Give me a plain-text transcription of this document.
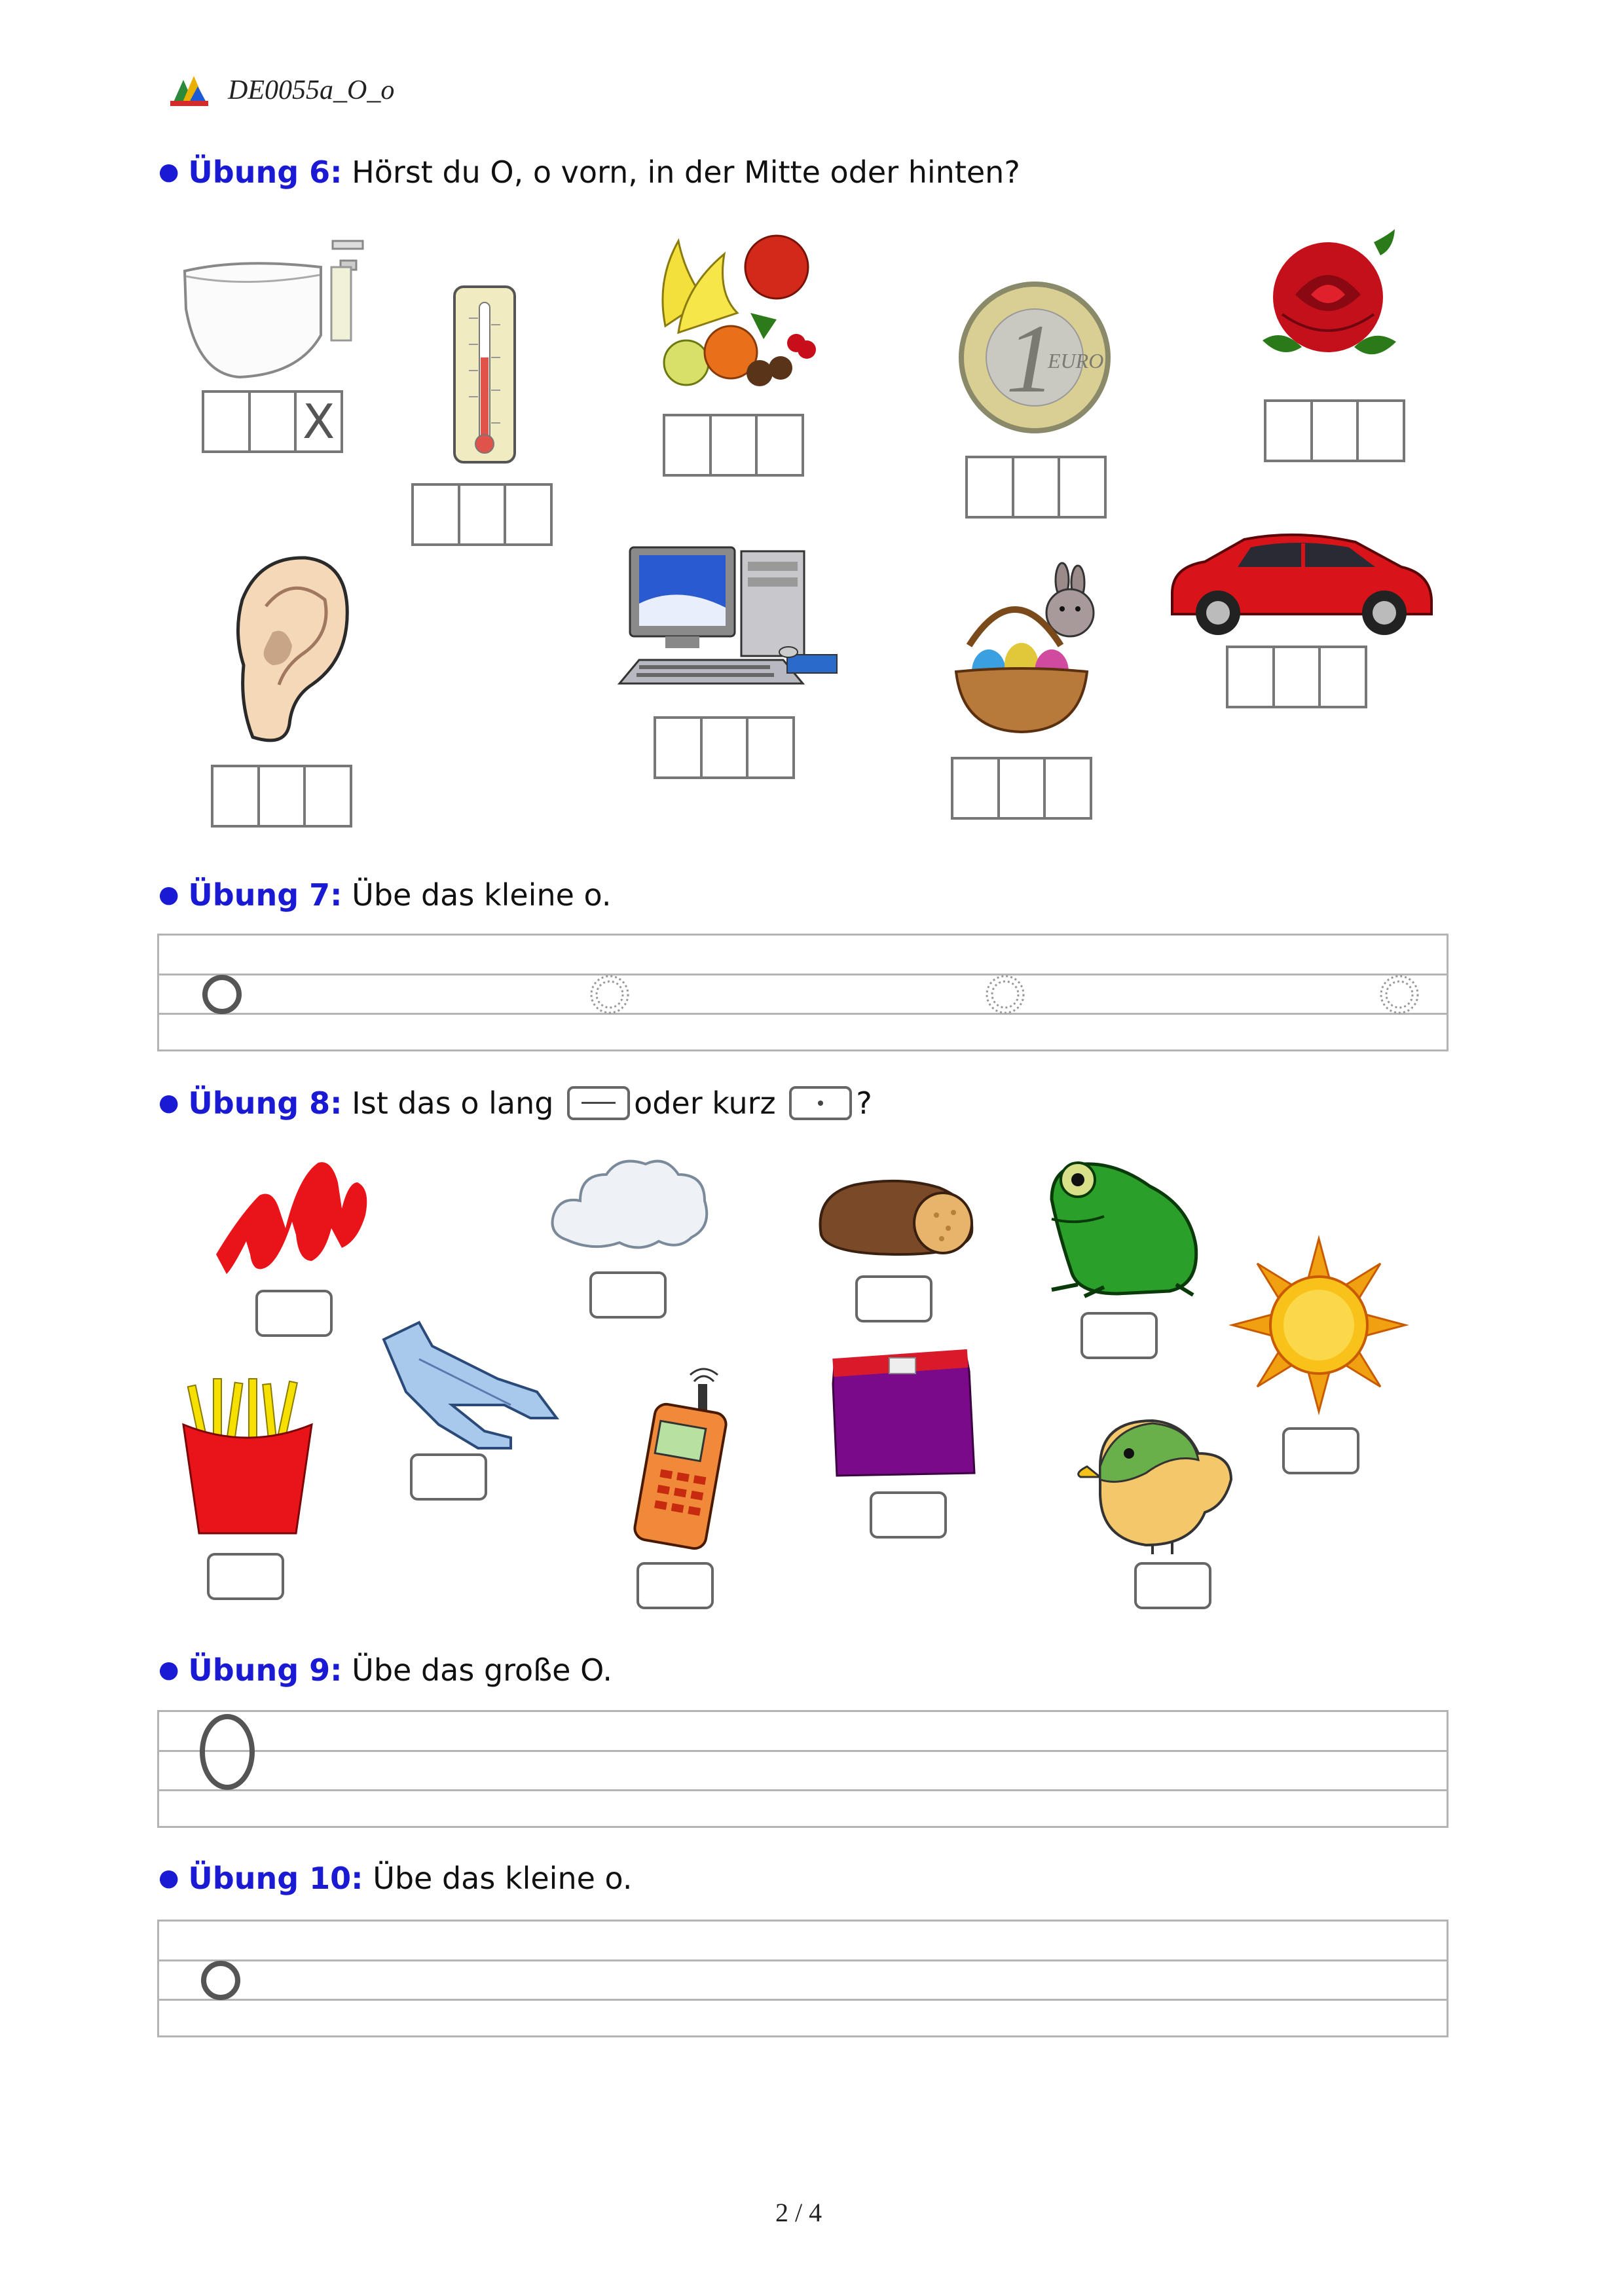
DE0055a_O_o
● Übung 6: Hörst du O, o vorn, in der Mitte oder hinten?
X
1
EURO
● Übung 7: Übe das kleine o.
● Übung 8: Ist das o lang	oder kurz	?
● Übung 9: Übe das große O.
● Übung 10: Übe das kleine o.
2 / 4
